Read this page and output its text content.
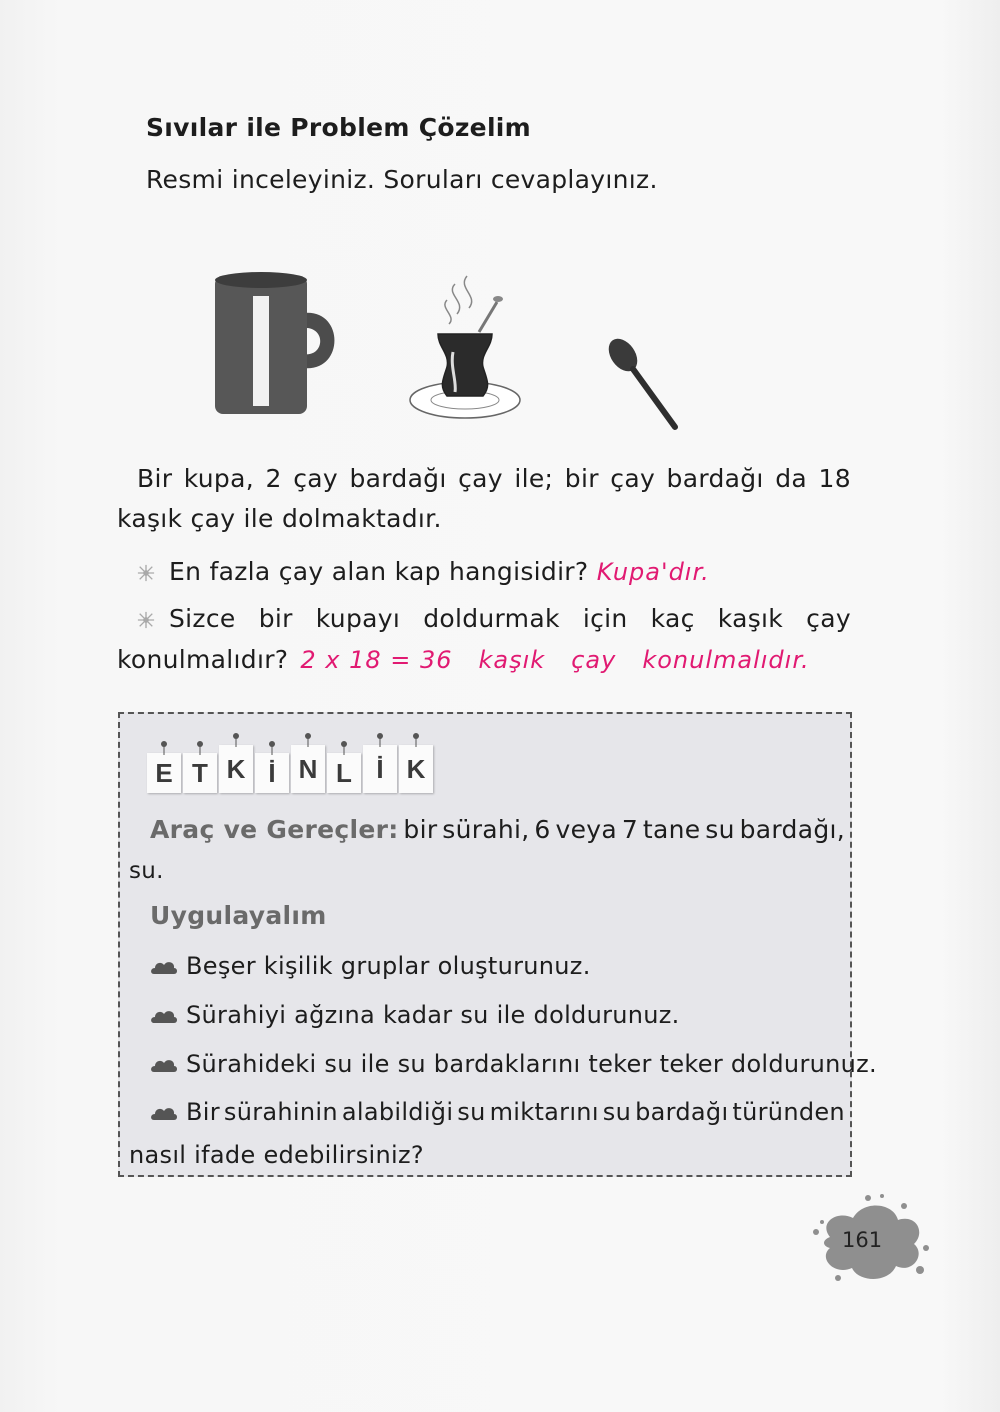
Sıvılar ile Problem Çözelim
Resmi inceleyiniz. Soruları cevaplayınız.
Bir kupa, 2 çay bardağı çay ile; bir çay bardağı da 18
kaşık çay ile dolmaktadır.
En fazla çay alan kap hangisidir? Kupa'dır.
Sizce bir kupayı doldurmak için kaç kaşık çay
konulmalıdır? 2 x 18 = 36 kaşık çay konulmalıdır.
E T K İ N L İ K
Araç ve Gereçler: bir sürahi, 6 veya 7 tane su bardağı,
su.
Uygulayalım
Beşer kişilik gruplar oluşturunuz.
Sürahiyi ağzına kadar su ile doldurunuz.
Sürahideki su ile su bardaklarını teker teker doldurunuz.
Bir sürahinin alabildiği su miktarını su bardağı türünden
nasıl ifade edebilirsiniz?
161
